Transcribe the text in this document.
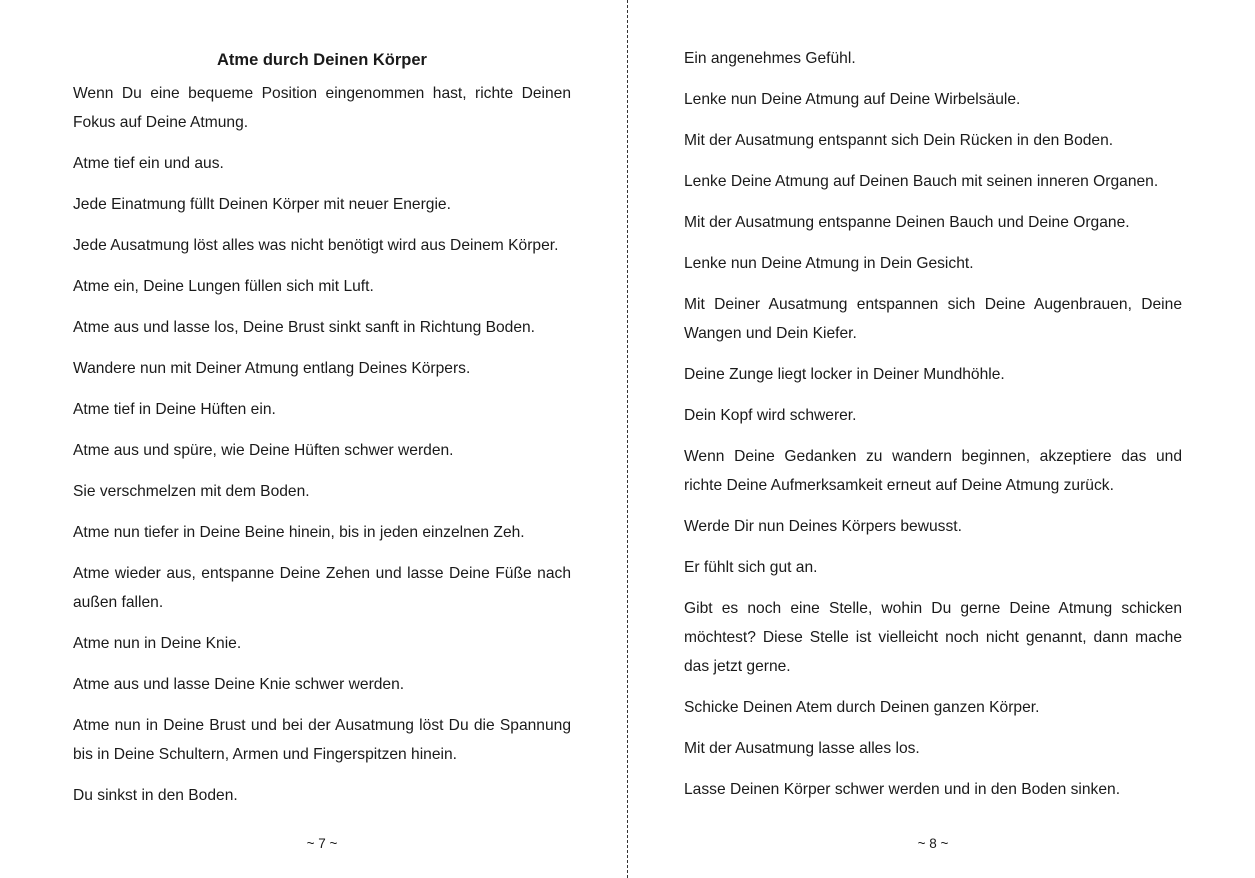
Atme durch Deinen Körper

Wenn Du eine bequeme Position eingenommen hast, richte Deinen Fokus auf Deine Atmung.

Atme tief ein und aus.

Jede Einatmung füllt Deinen Körper mit neuer Energie.

Jede Ausatmung löst alles was nicht benötigt wird aus Deinem Körper.

Atme ein, Deine Lungen füllen sich mit Luft.

Atme aus und lasse los, Deine Brust sinkt sanft in Richtung Boden.

Wandere nun mit Deiner Atmung entlang Deines Körpers.

Atme tief in Deine Hüften ein.

Atme aus und spüre, wie Deine Hüften schwer werden.

Sie verschmelzen mit dem Boden.

Atme nun tiefer in Deine Beine hinein, bis in jeden einzelnen Zeh.

Atme wieder aus, entspanne Deine Zehen und lasse Deine Füße nach außen fallen.

Atme nun in Deine Knie.

Atme aus und lasse Deine Knie schwer werden.

Atme nun in Deine Brust und bei der Ausatmung löst Du die Spannung bis in Deine Schultern, Armen und Fingerspitzen hinein.

Du sinkst in den Boden.

~ 7 ~

Ein angenehmes Gefühl.

Lenke nun Deine Atmung auf Deine Wirbelsäule.

Mit der Ausatmung entspannt sich Dein Rücken in den Boden.

Lenke Deine Atmung auf Deinen Bauch mit seinen inneren Organen.

Mit der Ausatmung entspanne Deinen Bauch und Deine Organe.

Lenke nun Deine Atmung in Dein Gesicht.

Mit Deiner Ausatmung entspannen sich Deine Augenbrauen, Deine Wangen und Dein Kiefer.

Deine Zunge liegt locker in Deiner Mundhöhle.

Dein Kopf wird schwerer.

Wenn Deine Gedanken zu wandern beginnen, akzeptiere das und richte Deine Aufmerksamkeit erneut auf Deine Atmung zurück.

Werde Dir nun Deines Körpers bewusst.

Er fühlt sich gut an.

Gibt es noch eine Stelle, wohin Du gerne Deine Atmung schicken möchtest? Diese Stelle ist vielleicht noch nicht genannt, dann mache das jetzt gerne.

Schicke Deinen Atem durch Deinen ganzen Körper.

Mit der Ausatmung lasse alles los.

Lasse Deinen Körper schwer werden und in den Boden sinken.

~ 8 ~
